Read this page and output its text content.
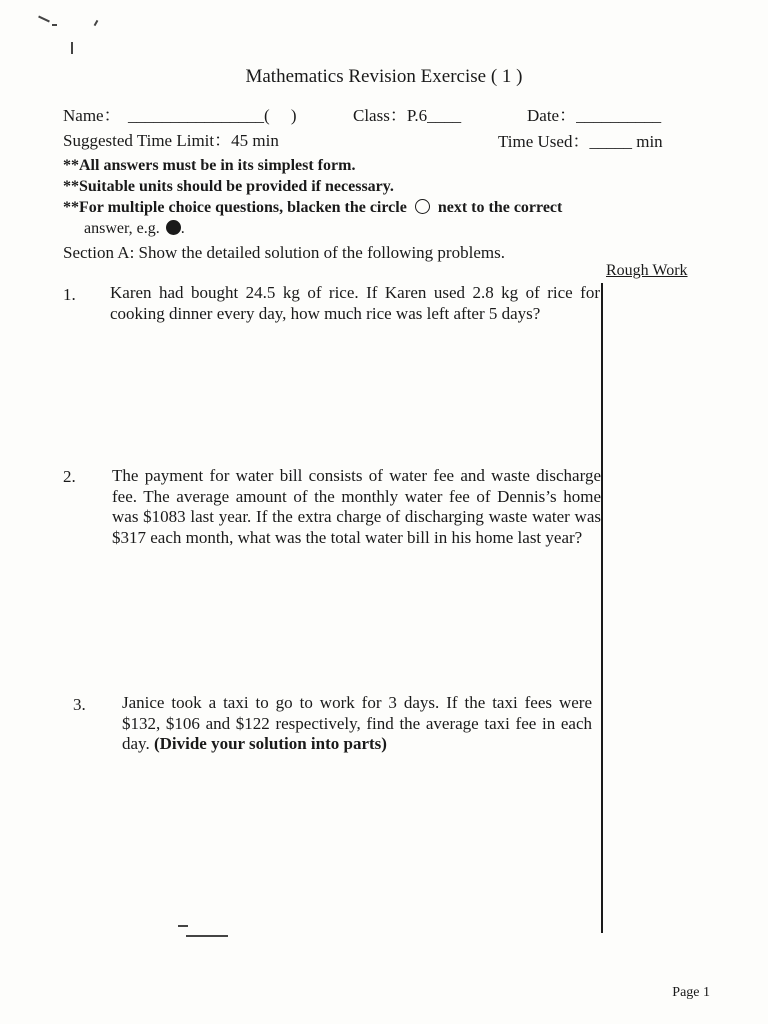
Mathematics Revision Exercise ( 1 )
Name： ________________(　 )	Class：P.6____	Date：__________
Suggested Time Limit：45 min	Time Used：_____ min
**All answers must be in its simplest form.
**Suitable units should be provided if necessary.
**For multiple choice questions, blacken the circle next to the correct
answer, e.g. .
Section A: Show the detailed solution of the following problems.
Rough Work
1. Karen had bought 24.5 kg of rice. If Karen used 2.8 kg of rice for cooking dinner every day, how much rice was left after 5 days?
2. The payment for water bill consists of water fee and waste discharge fee. The average amount of the monthly water fee of Dennis’s home was $1083 last year. If the extra charge of discharging waste water was $317 each month, what was the total water bill in his home last year?
3. Janice took a taxi to go to work for 3 days. If the taxi fees were $132, $106 and $122 respectively, find the average taxi fee in each day. (Divide your solution into parts)
Page 1
